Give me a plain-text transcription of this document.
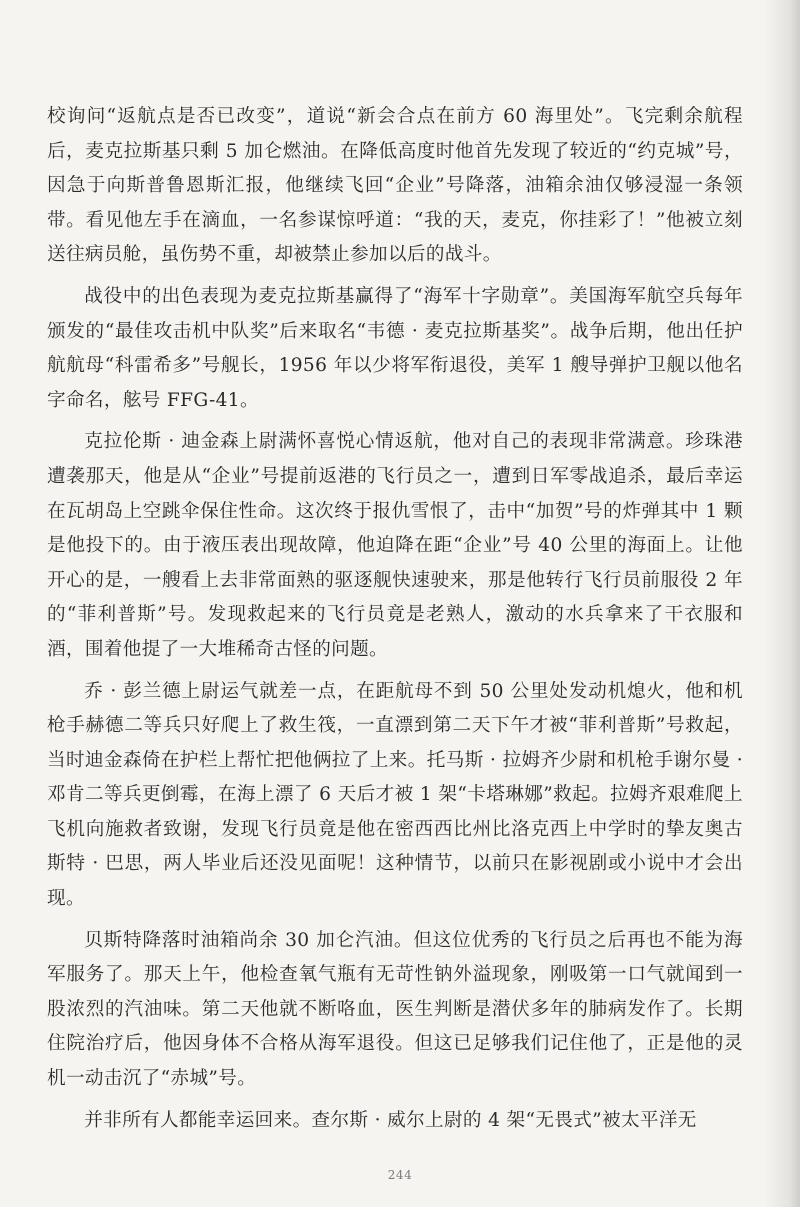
校询问“返航点是否已改变”，道说“新会合点在前方 60 海里处”。飞完剩余航程后，麦克拉斯基只剩 5 加仑燃油。在降低高度时他首先发现了较近的“约克城”号，因急于向斯普鲁恩斯汇报，他继续飞回“企业”号降落，油箱余油仅够浸湿一条领带。看见他左手在滴血，一名参谋惊呼道：“我的天，麦克，你挂彩了！”他被立刻送往病员舱，虽伤势不重，却被禁止参加以后的战斗。

战役中的出色表现为麦克拉斯基赢得了“海军十字勋章”。美国海军航空兵每年颁发的“最佳攻击机中队奖”后来取名“韦德 · 麦克拉斯基奖”。战争后期，他出任护航航母“科雷希多”号舰长，1956 年以少将军衔退役，美军 1 艘导弹护卫舰以他名字命名，舷号 FFG-41。

克拉伦斯 · 迪金森上尉满怀喜悦心情返航，他对自己的表现非常满意。珍珠港遭袭那天，他是从“企业”号提前返港的飞行员之一，遭到日军零战追杀，最后幸运在瓦胡岛上空跳伞保住性命。这次终于报仇雪恨了，击中“加贺”号的炸弹其中 1 颗是他投下的。由于液压表出现故障，他迫降在距“企业”号 40 公里的海面上。让他开心的是，一艘看上去非常面熟的驱逐舰快速驶来，那是他转行飞行员前服役 2 年的“菲利普斯”号。发现救起来的飞行员竟是老熟人，激动的水兵拿来了干衣服和酒，围着他提了一大堆稀奇古怪的问题。

乔 · 彭兰德上尉运气就差一点，在距航母不到 50 公里处发动机熄火，他和机枪手赫德二等兵只好爬上了救生筏，一直漂到第二天下午才被“菲利普斯”号救起，当时迪金森倚在护栏上帮忙把他俩拉了上来。托马斯 · 拉姆齐少尉和机枪手谢尔曼 · 邓肯二等兵更倒霉，在海上漂了 6 天后才被 1 架“卡塔琳娜”救起。拉姆齐艰难爬上飞机向施救者致谢，发现飞行员竟是他在密西西比州比洛克西上中学时的挚友奥古斯特 · 巴思，两人毕业后还没见面呢！这种情节，以前只在影视剧或小说中才会出现。

贝斯特降落时油箱尚余 30 加仑汽油。但这位优秀的飞行员之后再也不能为海军服务了。那天上午，他检查氧气瓶有无苛性钠外溢现象，刚吸第一口气就闻到一股浓烈的汽油味。第二天他就不断咯血，医生判断是潜伏多年的肺病发作了。长期住院治疗后，他因身体不合格从海军退役。但这已足够我们记住他了，正是他的灵机一动击沉了“赤城”号。

并非所有人都能幸运回来。查尔斯 · 威尔上尉的 4 架“无畏式”被太平洋无

244
